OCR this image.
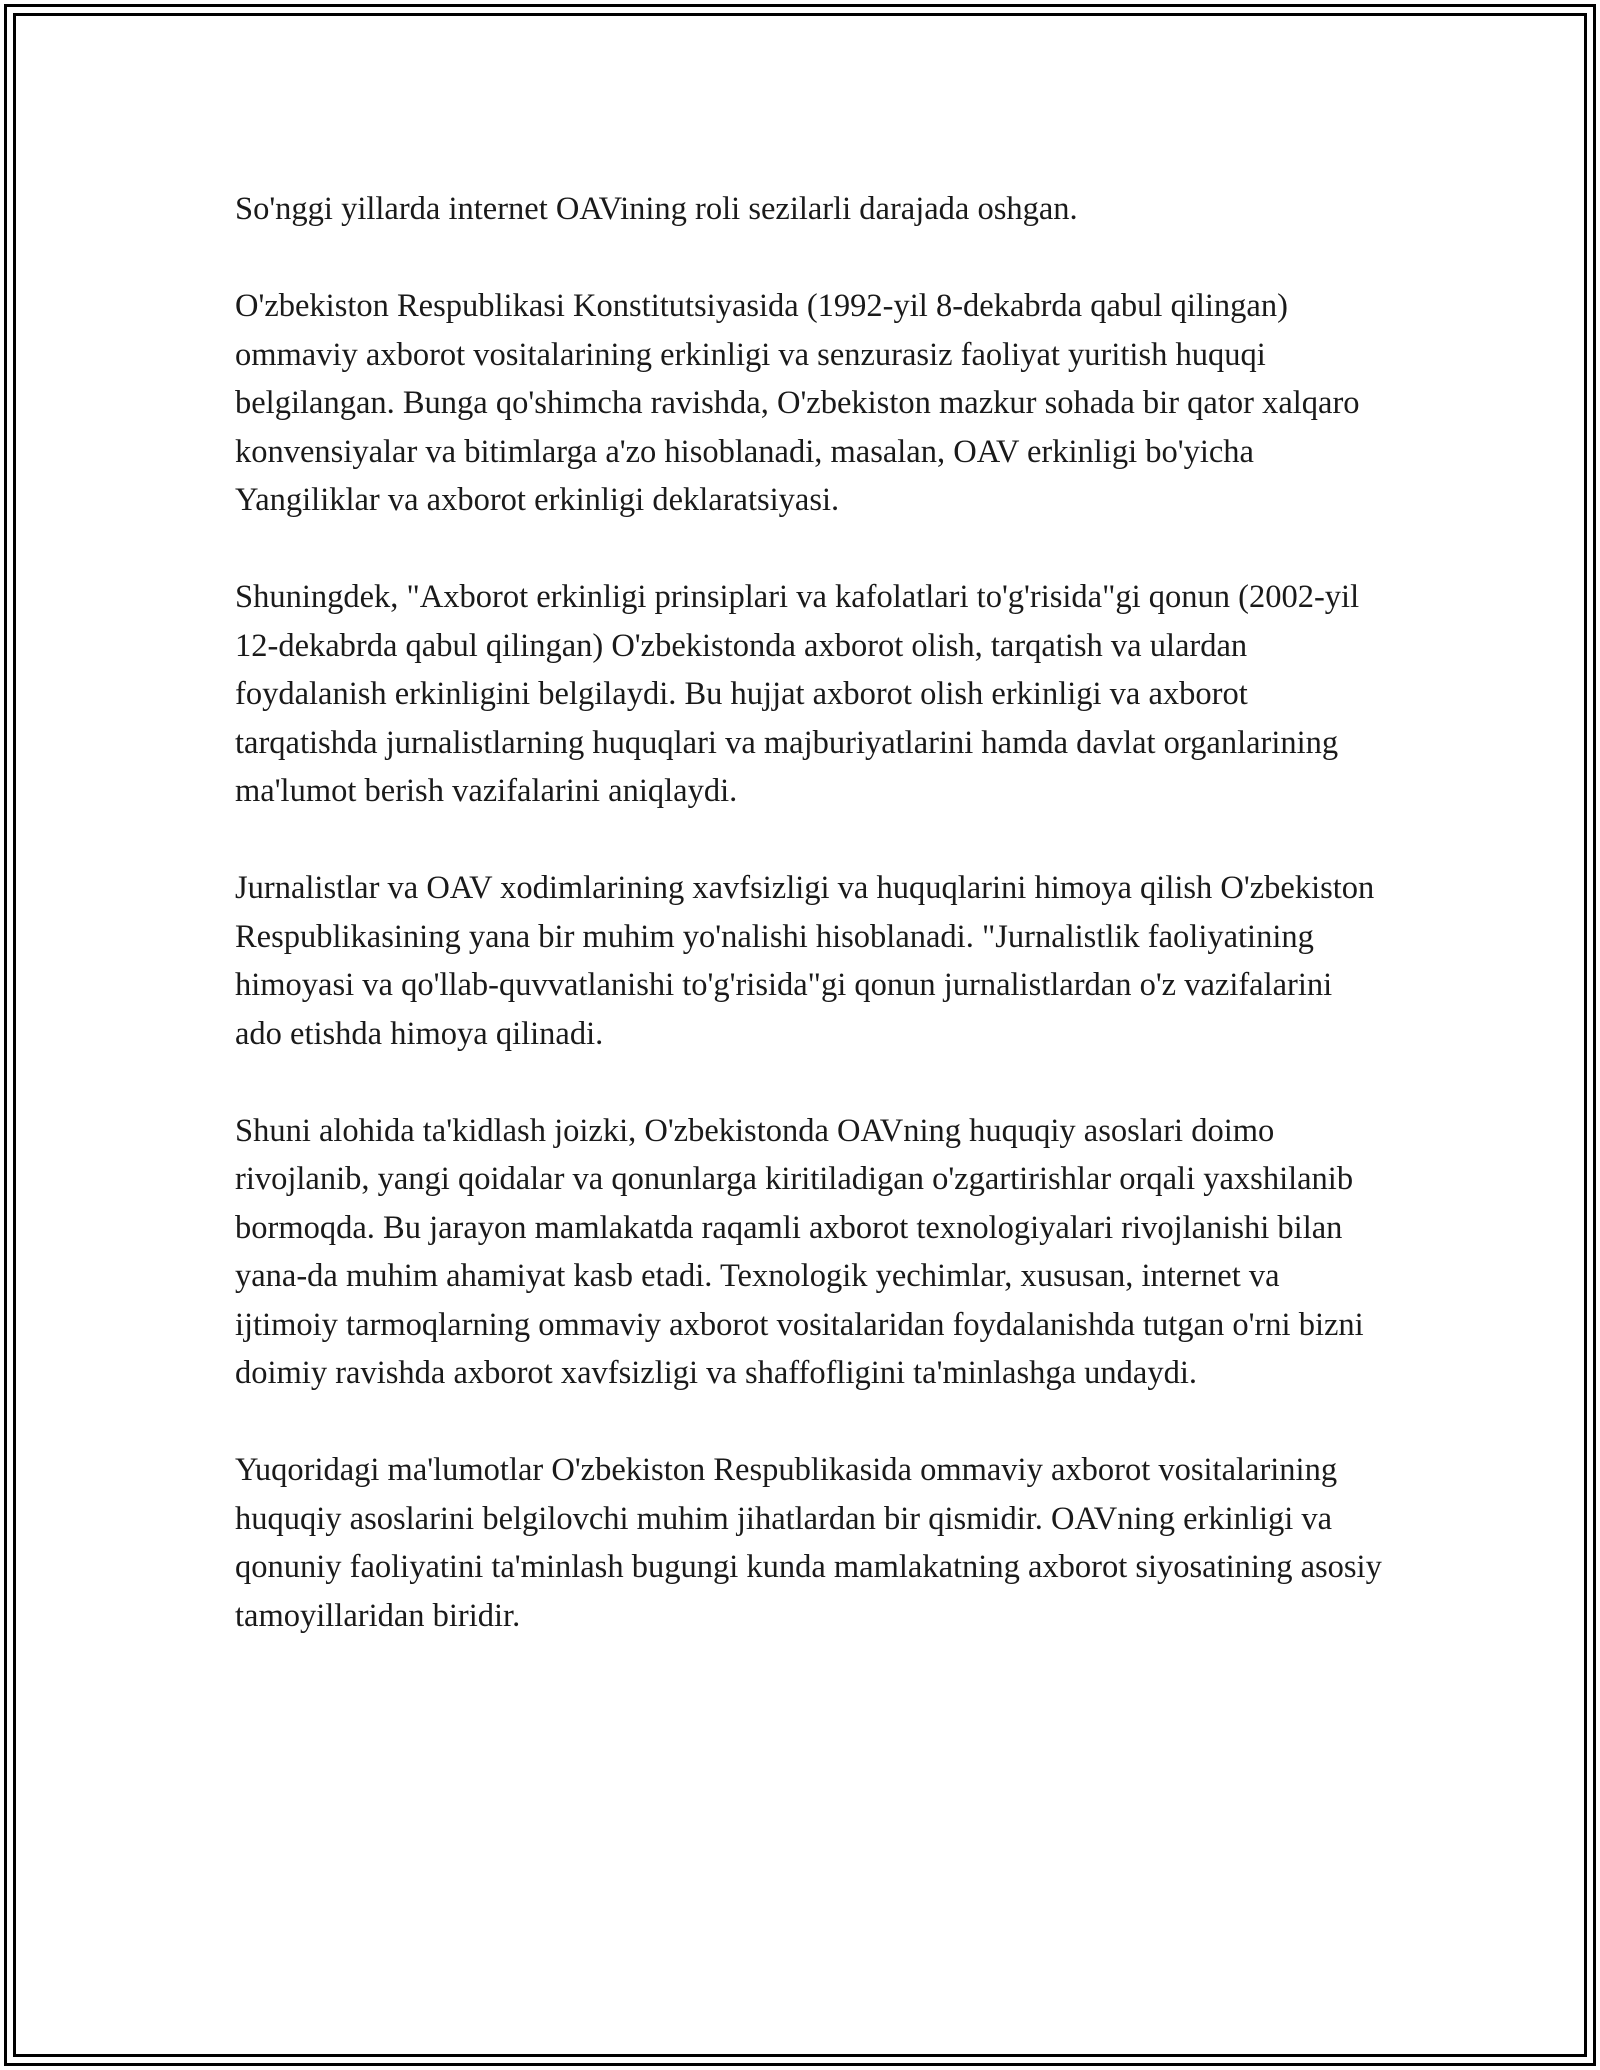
So'nggi yillarda internet OAVining roli sezilarli darajada oshgan.

O'zbekiston Respublikasi Konstitutsiyasida (1992-yil 8-dekabrda qabul qilingan) ommaviy axborot vositalarining erkinligi va senzurasiz faoliyat yuritish huquqi belgilangan. Bunga qo'shimcha ravishda, O'zbekiston mazkur sohada bir qator xalqaro konvensiyalar va bitimlarga a'zo hisoblanadi, masalan, OAV erkinligi bo'yicha Yangiliklar va axborot erkinligi deklaratsiyasi.

Shuningdek, "Axborot erkinligi prinsiplari va kafolatlari to'g'risida"gi qonun (2002-yil 12-dekabrda qabul qilingan) O'zbekistonda axborot olish, tarqatish va ulardan foydalanish erkinligini belgilaydi. Bu hujjat axborot olish erkinligi va axborot tarqatishda jurnalistlarning huquqlari va majburiyatlarini hamda davlat organlarining ma'lumot berish vazifalarini aniqlaydi.

Jurnalistlar va OAV xodimlarining xavfsizligi va huquqlarini himoya qilish O'zbekiston Respublikasining yana bir muhim yo'nalishi hisoblanadi. "Jurnalistlik faoliyatining himoyasi va qo'llab-quvvatlanishi to'g'risida"gi qonun jurnalistlardan o'z vazifalarini ado etishda himoya qilinadi.

Shuni alohida ta'kidlash joizki, O'zbekistonda OAVning huquqiy asoslari doimo rivojlanib, yangi qoidalar va qonunlarga kiritiladigan o'zgartirishlar orqali yaxshilanib bormoqda. Bu jarayon mamlakatda raqamli axborot texnologiyalari rivojlanishi bilan yana-da muhim ahamiyat kasb etadi. Texnologik yechimlar, xususan, internet va ijtimoiy tarmoqlarning ommaviy axborot vositalaridan foydalanishda tutgan o'rni bizni doimiy ravishda axborot xavfsizligi va shaffofligini ta'minlashga undaydi.

Yuqoridagi ma'lumotlar O'zbekiston Respublikasida ommaviy axborot vositalarining huquqiy asoslarini belgilovchi muhim jihatlardan bir qismidir. OAVning erkinligi va qonuniy faoliyatini ta'minlash bugungi kunda mamlakatning axborot siyosatining asosiy tamoyillaridan biridir.
